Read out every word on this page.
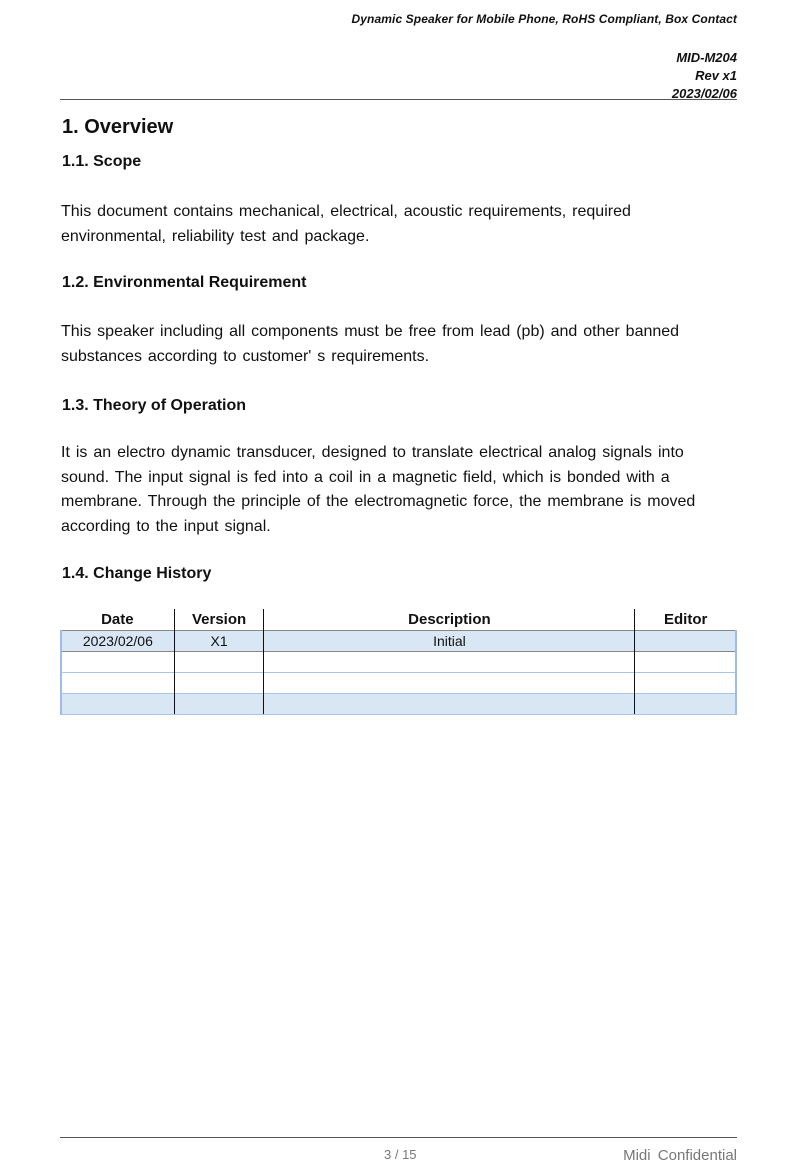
Dynamic Speaker for Mobile Phone, RoHS Compliant, Box Contact
MID-M204
Rev x1
2023/02/06
1. Overview
1.1. Scope
This document contains mechanical, electrical, acoustic requirements, required environmental, reliability test and package.
1.2. Environmental Requirement
This speaker including all components must be free from lead (pb) and other banned substances according to customer' s requirements.
1.3. Theory of Operation
It is an electro dynamic transducer, designed to translate electrical analog signals into sound. The input signal is fed into a coil in a magnetic field, which is bonded with a membrane. Through the principle of the electromagnetic force, the membrane is moved according to the input signal.
1.4. Change History
Date	Version	Description	Editor
2023/02/06	X1	Initial	

3 / 15	Midi Confidential
